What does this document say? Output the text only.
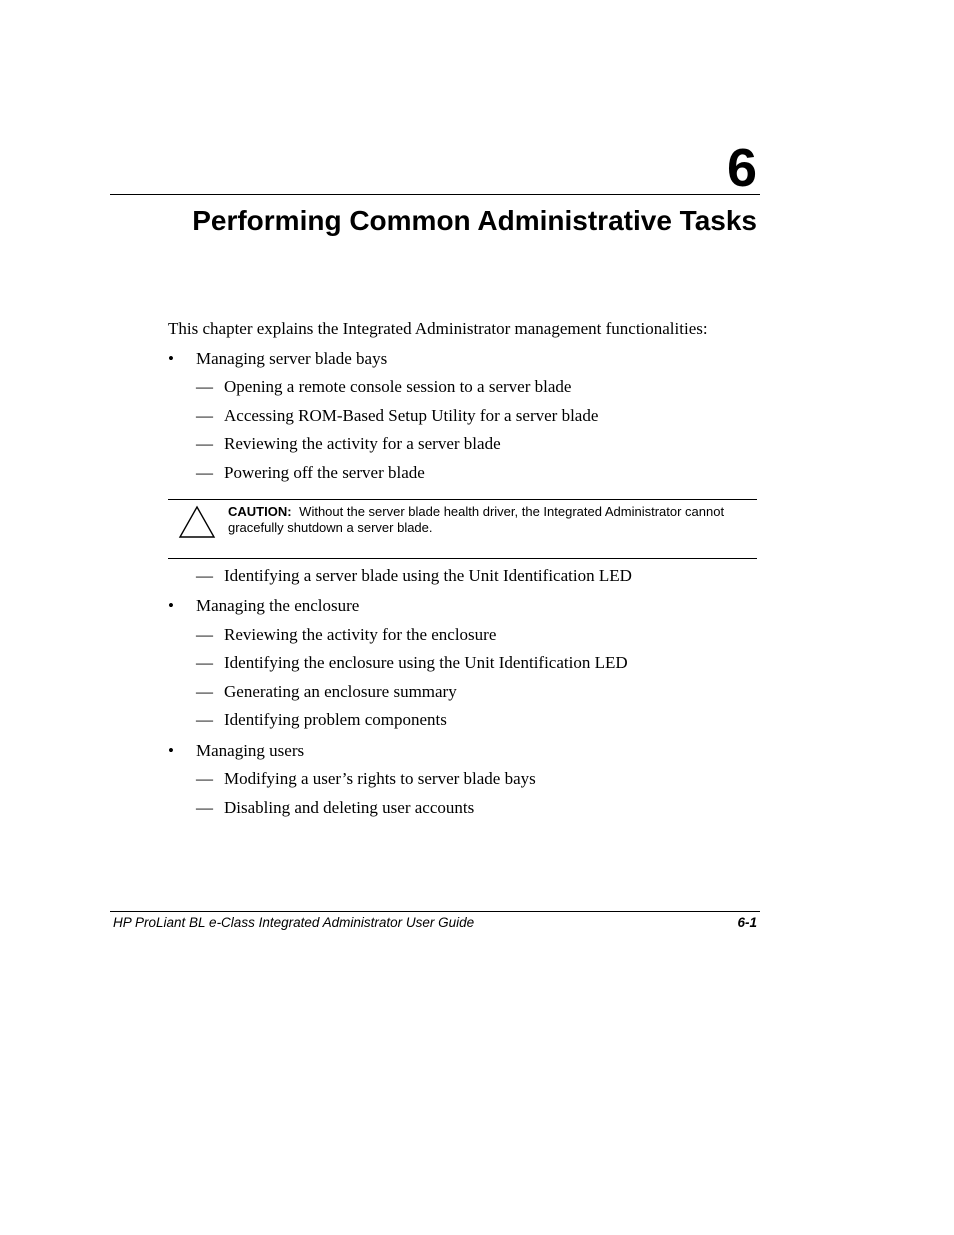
6
Performing Common Administrative Tasks
This chapter explains the Integrated Administrator management functionalities:
• Managing server blade bays
— Opening a remote console session to a server blade
— Accessing ROM-Based Setup Utility for a server blade
— Reviewing the activity for a server blade
— Powering off the server blade
CAUTION: Without the server blade health driver, the Integrated Administrator cannot gracefully shutdown a server blade.
— Identifying a server blade using the Unit Identification LED
• Managing the enclosure
— Reviewing the activity for the enclosure
— Identifying the enclosure using the Unit Identification LED
— Generating an enclosure summary
— Identifying problem components
• Managing users
— Modifying a user’s rights to server blade bays
— Disabling and deleting user accounts
HP ProLiant BL e-Class Integrated Administrator User Guide	6-1
